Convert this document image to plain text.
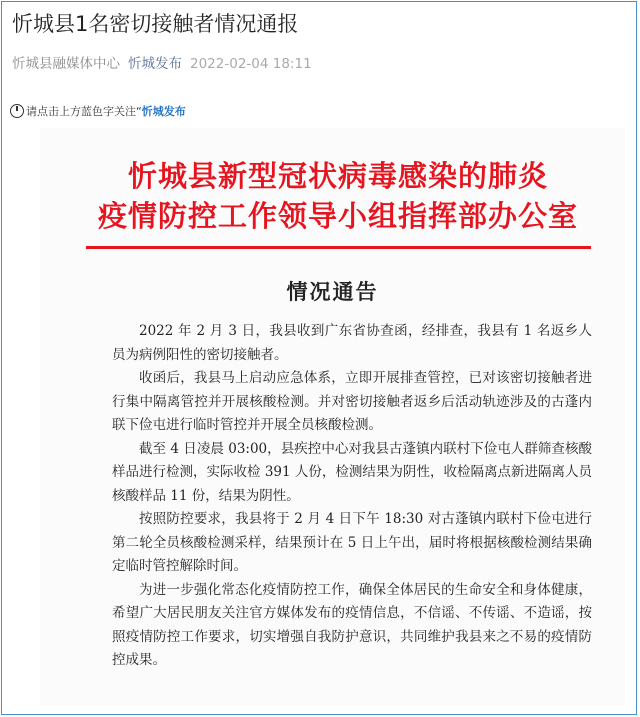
忻城县1名密切接触者情况通报
忻城县融媒体中心 忻城发布 2022-02-04 18:11
请点击上方蓝色字关注“ 忻城发布
忻城县新型冠状病毒感染的肺炎
疫情防控工作领导小组指挥部办公室
情况通告

2022 年 2 月 3 日，我县收到广东省协查函，经排查，我县有 1 名返乡人员为病例阳性的密切接触者。

收函后，我县马上启动应急体系，立即开展排查管控，已对该密切接触者进行集中隔离管控并开展核酸检测。并对密切接触者返乡后活动轨迹涉及的古蓬内联下俭屯进行临时管控并开展全员核酸检测。

截至 4 日凌晨 03:00，县疾控中心对我县古蓬镇内联村下俭屯人群筛查核酸样品进行检测，实际收检 391 人份，检测结果为阴性，收检隔离点新进隔离人员核酸样品 11 份，结果为阴性。

按照防控要求，我县将于 2 月 4 日下午 18:30 对古蓬镇内联村下俭屯进行第二轮全员核酸检测采样，结果预计在 5 日上午出，届时将根据核酸检测结果确定临时管控解除时间。

为进一步强化常态化疫情防控工作，确保全体居民的生命安全和身体健康，希望广大居民朋友关注官方媒体发布的疫情信息，不信谣、不传谣、不造谣，按照疫情防控工作要求，切实增强自我防护意识，共同维护我县来之不易的疫情防控成果。
